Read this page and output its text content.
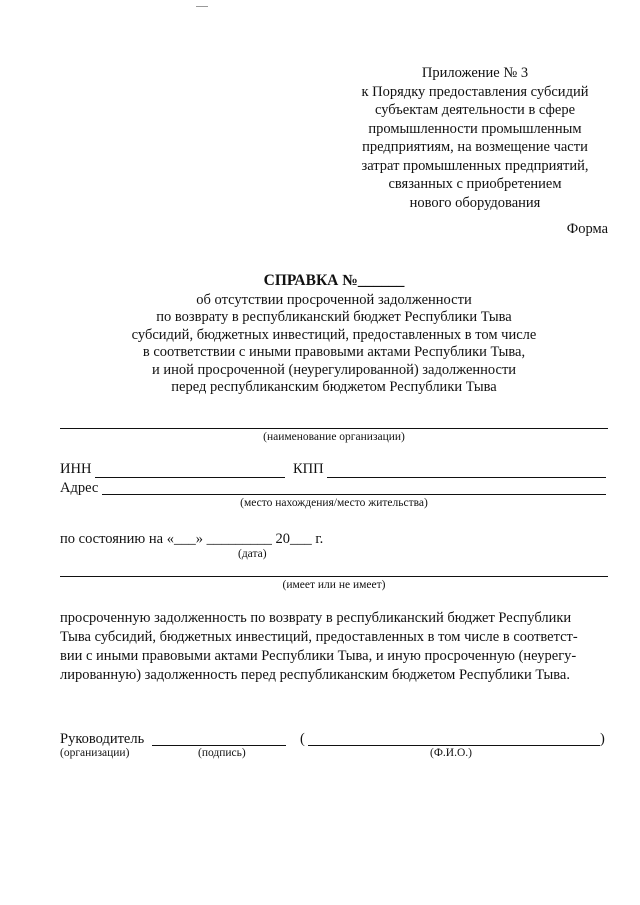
Приложение № 3
к Порядку предоставления субсидий
субъектам деятельности в сфере
промышленности промышленным
предприятиям, на возмещение части
затрат промышленных предприятий,
связанных с приобретением
нового оборудования
Форма
СПРАВКА №______
об отсутствии просроченной задолженности
по возврату в республиканский бюджет Республики Тыва
субсидий, бюджетных инвестиций, предоставленных в том числе
в соответствии с иными правовыми актами Республики Тыва,
и иной просроченной (неурегулированной) задолженности
перед республиканским бюджетом Республики Тыва
(наименование организации)
ИНН	КПП
Адрес
(место нахождения/место жительства)
по состоянию на «___» _________ 20___ г.
(дата)
(имеет или не имеет)
просроченную задолженность по возврату в республиканский бюджет Республики
Тыва субсидий, бюджетных инвестиций, предоставленных в том числе в соответст-
вии с иными правовыми актами Республики Тыва, и иную просроченную (неурегу-
лированную) задолженность перед республиканским бюджетом Республики Тыва.
Руководитель	(	)
(организации)	(подпись)	(Ф.И.О.)
